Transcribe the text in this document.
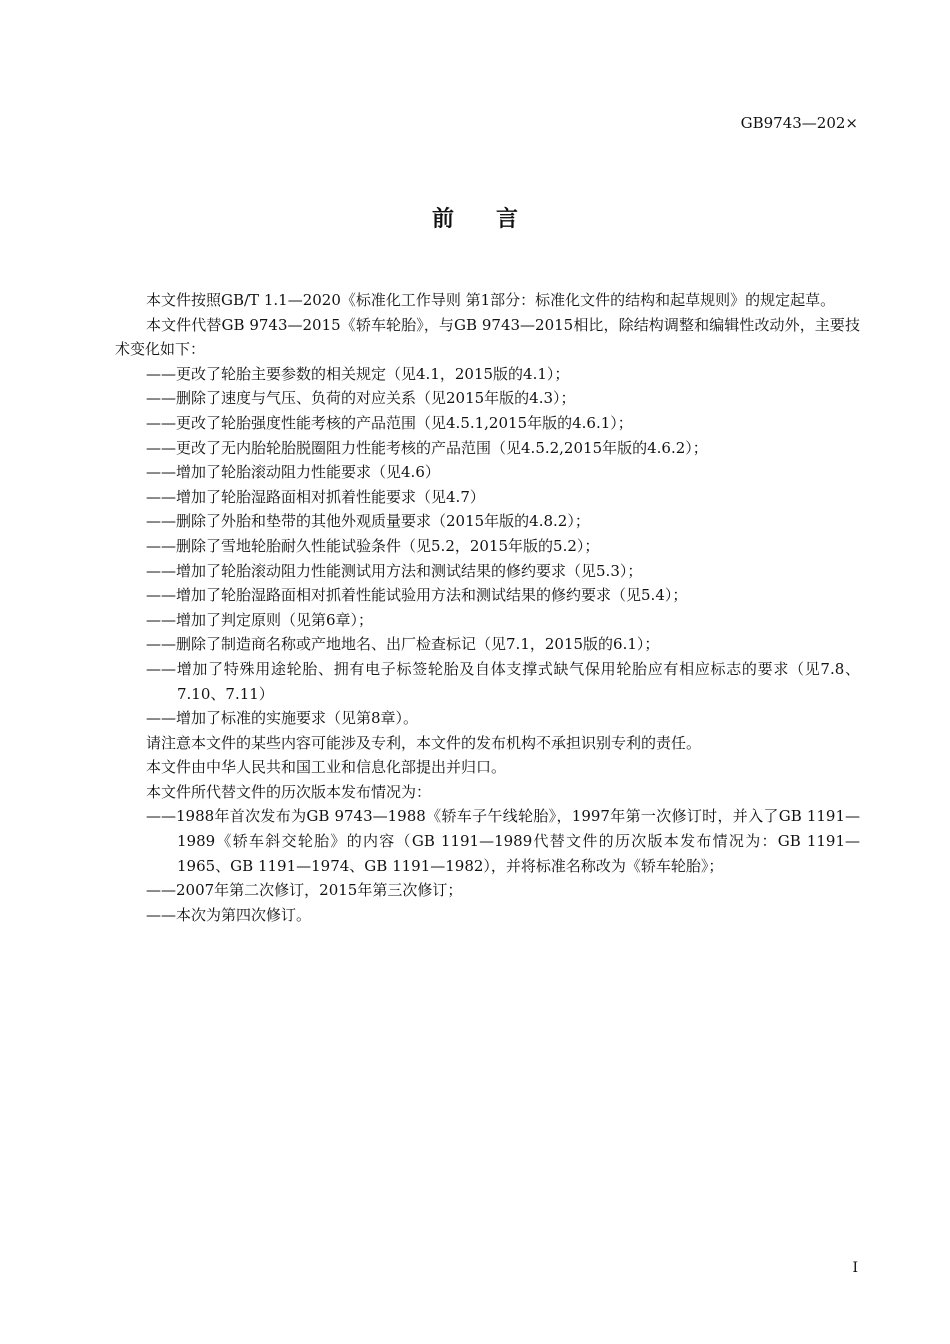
GB9743—202×
前言
本文件按照GB/T 1.1—2020《标准化工作导则 第1部分：标准化文件的结构和起草规则》的规定起草。
本文件代替GB 9743—2015《轿车轮胎》，与GB 9743—2015相比，除结构调整和编辑性改动外，主要技术变化如下：
——更改了轮胎主要参数的相关规定（见4.1，2015版的4.1）；
——删除了速度与气压、负荷的对应关系（见2015年版的4.3）；
——更改了轮胎强度性能考核的产品范围（见4.5.1,2015年版的4.6.1）；
——更改了无内胎轮胎脱圈阻力性能考核的产品范围（见4.5.2,2015年版的4.6.2）；
——增加了轮胎滚动阻力性能要求（见4.6）
——增加了轮胎湿路面相对抓着性能要求（见4.7）
——删除了外胎和垫带的其他外观质量要求（2015年版的4.8.2）；
——删除了雪地轮胎耐久性能试验条件（见5.2，2015年版的5.2）；
——增加了轮胎滚动阻力性能测试用方法和测试结果的修约要求（见5.3）；
——增加了轮胎湿路面相对抓着性能试验用方法和测试结果的修约要求（见5.4）；
——增加了判定原则（见第6章）；
——删除了制造商名称或产地地名、出厂检查标记（见7.1，2015版的6.1）；
——增加了特殊用途轮胎、拥有电子标签轮胎及自体支撑式缺气保用轮胎应有相应标志的要求（见7.8、7.10、7.11）
——增加了标准的实施要求（见第8章）。
请注意本文件的某些内容可能涉及专利，本文件的发布机构不承担识别专利的责任。
本文件由中华人民共和国工业和信息化部提出并归口。
本文件所代替文件的历次版本发布情况为：
——1988年首次发布为GB 9743—1988《轿车子午线轮胎》，1997年第一次修订时，并入了GB 1191—1989《轿车斜交轮胎》的内容（GB 1191—1989代替文件的历次版本发布情况为：GB 1191—1965、GB 1191—1974、GB 1191—1982），并将标准名称改为《轿车轮胎》；
——2007年第二次修订，2015年第三次修订；
——本次为第四次修订。
I
